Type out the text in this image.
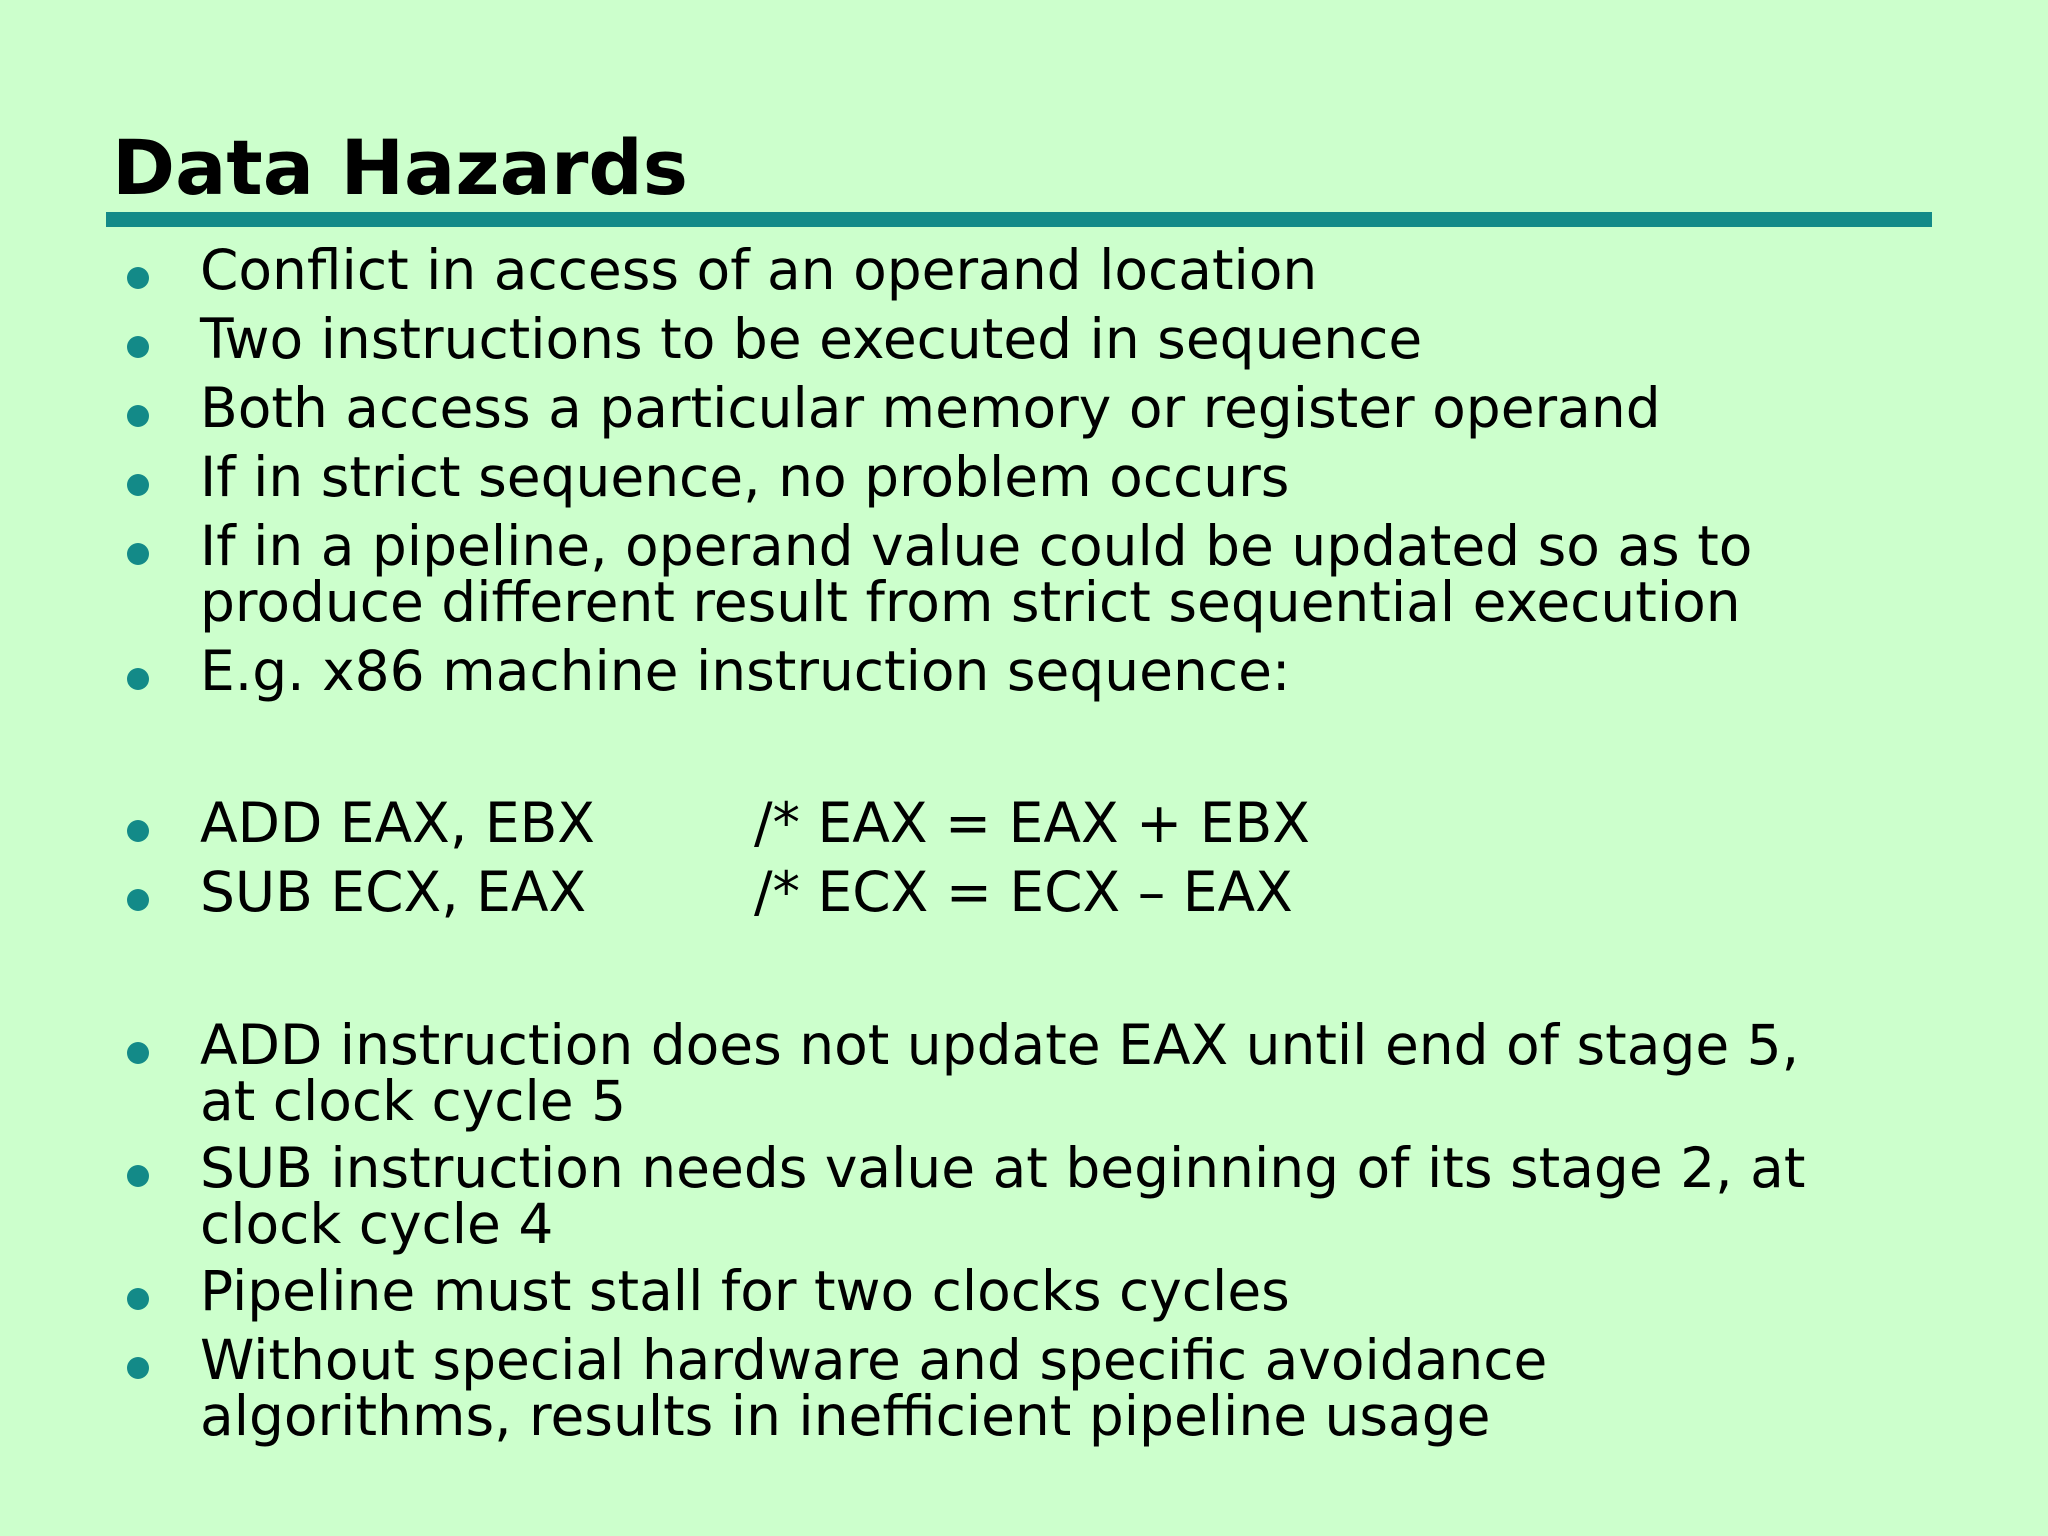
Data Hazards
Conflict in access of an operand location
Two instructions to be executed in sequence
Both access a particular memory or register operand
If in strict sequence, no problem occurs
If in a pipeline, operand value could be updated so as to
produce different result from strict sequential execution
E.g. x86 machine instruction sequence:
ADD EAX, EBX	/* EAX = EAX + EBX
SUB ECX, EAX	/* ECX = ECX – EAX
ADD instruction does not update EAX until end of stage 5,
at clock cycle 5
SUB instruction needs value at beginning of its stage 2, at
clock cycle 4
Pipeline must stall for two clocks cycles
Without special hardware and specific avoidance
algorithms, results in inefficient pipeline usage
